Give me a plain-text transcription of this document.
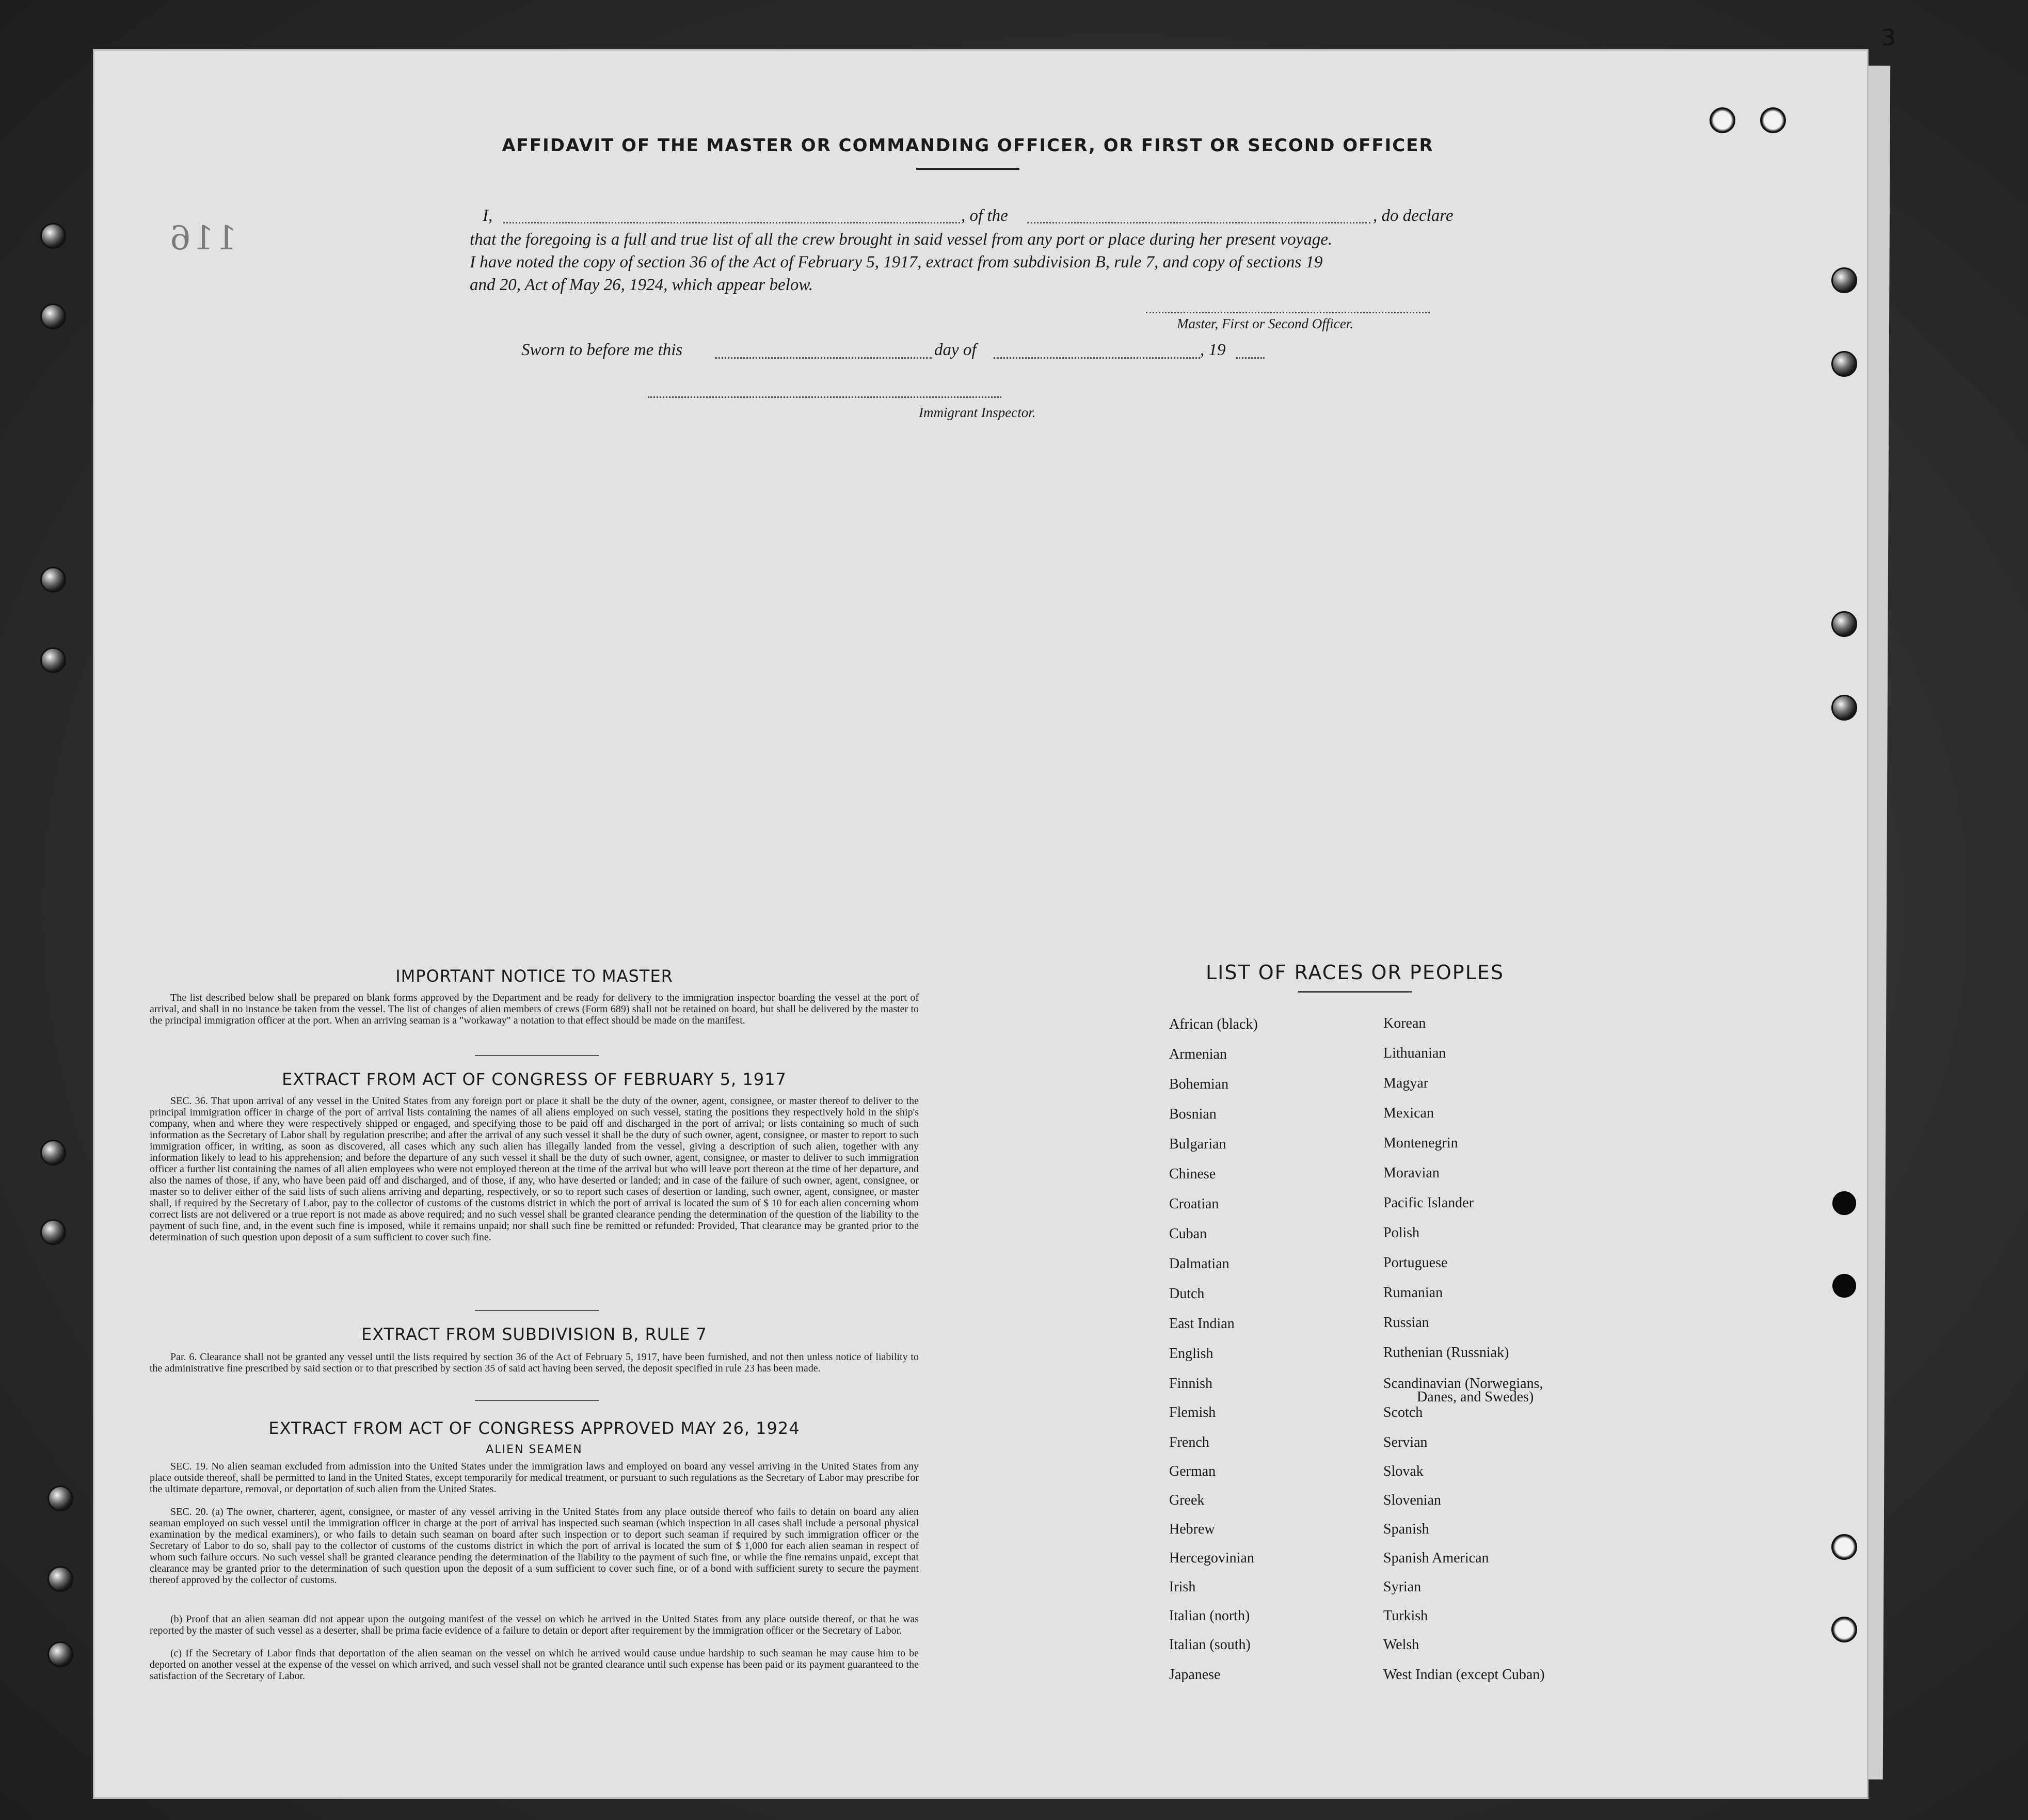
3
116
AFFIDAVIT OF THE MASTER OR COMMANDING OFFICER, OR FIRST OR SECOND OFFICER
I,	, of the	, do declare
that the foregoing is a full and true list of all the crew brought in said vessel from any port or place during her present voyage.
I have noted the copy of section 36 of the Act of February 5, 1917, extract from subdivision B, rule 7, and copy of sections 19
and 20, Act of May 26, 1924, which appear below.
Master, First or Second Officer.
Sworn to before me this	day of	, 19
Immigrant Inspector.
IMPORTANT NOTICE TO MASTER
The list described below shall be prepared on blank forms approved by the Department and be ready for delivery to the immigration inspector boarding the vessel at the port of arrival, and shall in no instance be taken from the vessel. The list of changes of alien members of crews (Form 689) shall not be retained on board, but shall be delivered by the master to the principal immigration officer at the port. When an arriving seaman is a "workaway" a notation to that effect should be made on the manifest.
EXTRACT FROM ACT OF CONGRESS OF FEBRUARY 5, 1917
SEC. 36. That upon arrival of any vessel in the United States from any foreign port or place it shall be the duty of the owner, agent, consignee, or master thereof to deliver to the principal immigration officer in charge of the port of arrival lists containing the names of all aliens employed on such vessel, stating the positions they respectively hold in the ship's company, when and where they were respectively shipped or engaged, and specifying those to be paid off and discharged in the port of arrival; or lists containing so much of such information as the Secretary of Labor shall by regulation prescribe; and after the arrival of any such vessel it shall be the duty of such owner, agent, consignee, or master to report to such immigration officer, in writing, as soon as discovered, all cases which any such alien has illegally landed from the vessel, giving a description of such alien, together with any information likely to lead to his apprehension; and before the departure of any such vessel it shall be the duty of such owner, agent, consignee, or master to deliver to such immigration officer a further list containing the names of all alien employees who were not employed thereon at the time of the arrival but who will leave port thereon at the time of her departure, and also the names of those, if any, who have been paid off and discharged, and of those, if any, who have deserted or landed; and in case of the failure of such owner, agent, consignee, or master so to deliver either of the said lists of such aliens arriving and departing, respectively, or so to report such cases of desertion or landing, such owner, agent, consignee, or master shall, if required by the Secretary of Labor, pay to the collector of customs of the customs district in which the port of arrival is located the sum of $ 10 for each alien concerning whom correct lists are not delivered or a true report is not made as above required; and no such vessel shall be granted clearance pending the determination of the question of the liability to the payment of such fine, and, in the event such fine is imposed, while it remains unpaid; nor shall such fine be remitted or refunded: Provided, That clearance may be granted prior to the determination of such question upon deposit of a sum sufficient to cover such fine.
EXTRACT FROM SUBDIVISION B, RULE 7
Par. 6. Clearance shall not be granted any vessel until the lists required by section 36 of the Act of February 5, 1917, have been furnished, and not then unless notice of liability to the administrative fine prescribed by said section or to that prescribed by section 35 of said act having been served, the deposit specified in rule 23 has been made.
EXTRACT FROM ACT OF CONGRESS APPROVED MAY 26, 1924
ALIEN SEAMEN
SEC. 19. No alien seaman excluded from admission into the United States under the immigration laws and employed on board any vessel arriving in the United States from any place outside thereof, shall be permitted to land in the United States, except temporarily for medical treatment, or pursuant to such regulations as the Secretary of Labor may prescribe for the ultimate departure, removal, or deportation of such alien from the United States.
SEC. 20. (a) The owner, charterer, agent, consignee, or master of any vessel arriving in the United States from any place outside thereof who fails to detain on board any alien seaman employed on such vessel until the immigration officer in charge at the port of arrival has inspected such seaman (which inspection in all cases shall include a personal physical examination by the medical examiners), or who fails to detain such seaman on board after such inspection or to deport such seaman if required by such immigration officer or the Secretary of Labor to do so, shall pay to the collector of customs of the customs district in which the port of arrival is located the sum of $ 1,000 for each alien seaman in respect of whom such failure occurs. No such vessel shall be granted clearance pending the determination of the liability to the payment of such fine, or while the fine remains unpaid, except that clearance may be granted prior to the determination of such question upon the deposit of a sum sufficient to cover such fine, or of a bond with sufficient surety to secure the payment thereof approved by the collector of customs.
(b) Proof that an alien seaman did not appear upon the outgoing manifest of the vessel on which he arrived in the United States from any place outside thereof, or that he was reported by the master of such vessel as a deserter, shall be prima facie evidence of a failure to detain or deport after requirement by the immigration officer or the Secretary of Labor.
(c) If the Secretary of Labor finds that deportation of the alien seaman on the vessel on which he arrived would cause undue hardship to such seaman he may cause him to be deported on another vessel at the expense of the vessel on which arrived, and such vessel shall not be granted clearance until such expense has been paid or its payment guaranteed to the satisfaction of the Secretary of Labor.
LIST OF RACES OR PEOPLES
African (black)
Armenian
Bohemian
Bosnian
Bulgarian
Chinese
Croatian
Cuban
Dalmatian
Dutch
East Indian
English
Finnish
Flemish
French
German
Greek
Hebrew
Hercegovinian
Irish
Italian (north)
Italian (south)
Japanese
Korean
Lithuanian
Magyar
Mexican
Montenegrin
Moravian
Pacific Islander
Polish
Portuguese
Rumanian
Russian
Ruthenian (Russniak)
Scandinavian (Norwegians,
Danes, and Swedes)
Scotch
Servian
Slovak
Slovenian
Spanish
Spanish American
Syrian
Turkish
Welsh
West Indian (except Cuban)
